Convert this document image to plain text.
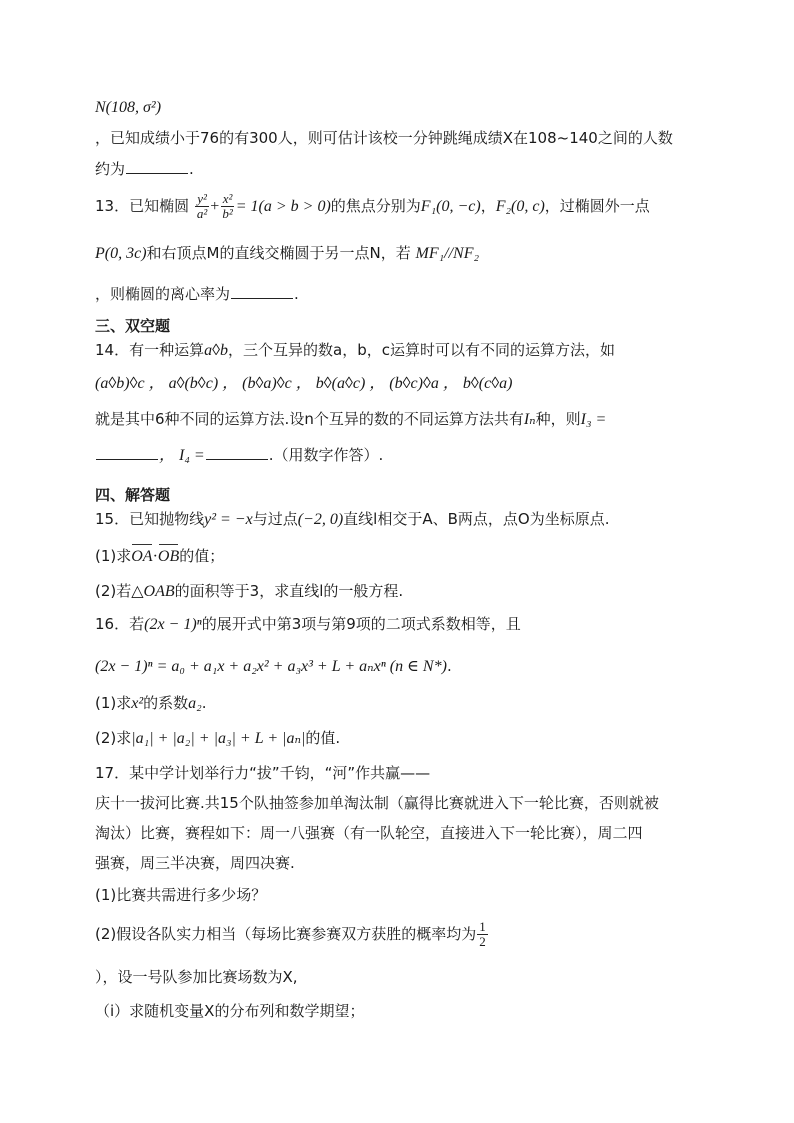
N(108, σ²)
，已知成绩小于76的有300人，则可估计该校一分钟跳绳成绩X在108~140之间的人数
约为	.
13．已知椭圆 $\frac{\text{y²}}{\text{a²}} + \frac{\text{x²}}{\text{b²}} = 1(a > b > 0)$的焦点分别为F₁(0, −c)，F₂(0, c)，过椭圆外一点
P(0, 3c)和右顶点M的直线交椭圆于另一点N，若 MF₁//NF₂
，则椭圆的离心率为	.
三、双空题
14．有一种运算a◊b，三个互异的数a，b，c运算时可以有不同的运算方法，如
(a◊b)◊c ， a◊(b◊c) ， (b◊a)◊c ， b◊(a◊c) ， (b◊c)◊a ， b◊(c◊a)
就是其中6种不同的运算方法.设n个互异的数的不同运算方法共有Iₙ种，则I₃ =
， I₄ =	.（用数字作答）.
四、解答题
15．已知抛物线y² = −x与过点(−2, 0)直线l相交于A、B两点，点O为坐标原点.
(1)求OA·OB的值；
(2)若△OAB的面积等于3，求直线l的一般方程.
16．若(2x − 1)ⁿ的展开式中第3项与第9项的二项式系数相等，且
(2x − 1)ⁿ = a₀ + a₁x + a₂x² + a₃x³ + L + aₙxⁿ (n ∈ N*).
(1)求x²的系数a₂.
(2)求|a₁| + |a₂| + |a₃| + L + |aₙ|的值.
17．某中学计划举行力“拔”千钧，“河”作共赢——
庆十一拔河比赛.共15个队抽签参加单淘汰制（赢得比赛就进入下一轮比赛，否则就被
淘汰）比赛，赛程如下：周一八强赛（有一队轮空，直接进入下一轮比赛），周二四
强赛，周三半决赛，周四决赛.
(1)比赛共需进行多少场？
(2)假设各队实力相当（每场比赛参赛双方获胜的概率均为 $\frac{1}{2}$
），设一号队参加比赛场数为X,
（i）求随机变量X的分布列和数学期望；
